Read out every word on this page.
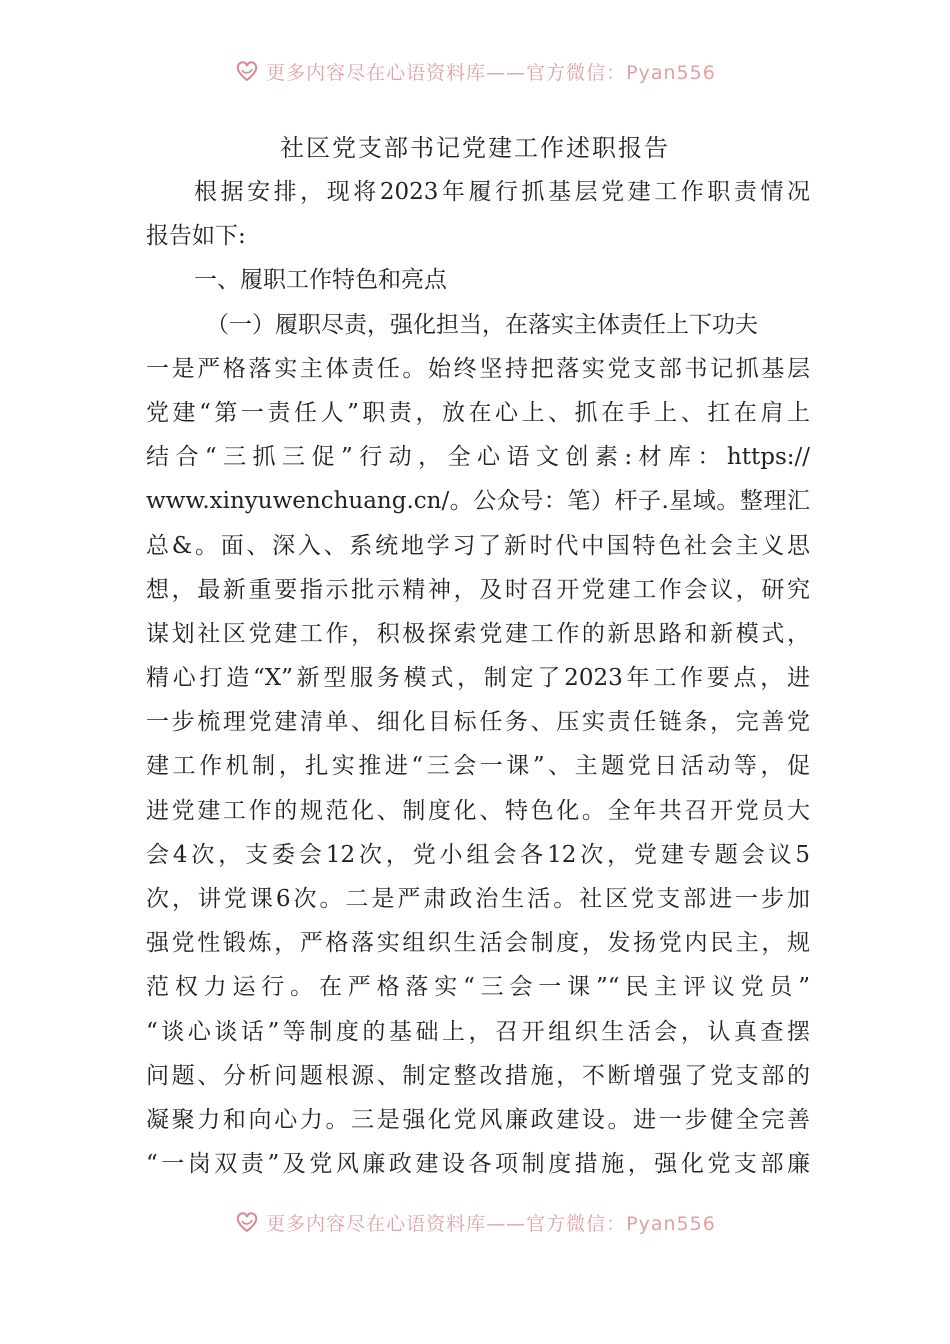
更多内容尽在心语资料库——官方微信：Pyan556
社区党支部书记党建工作述职报告
根据安排，现将2023年履行抓基层党建工作职责情况
报告如下:
一、履职工作特色和亮点
（一）履职尽责，强化担当，在落实主体责任上下功夫
一是严格落实主体责任。始终坚持把落实党支部书记抓基层
党建“第一责任人”职责，放在心上、抓在手上、扛在肩上
结合“三抓三促”行动，全心语文创素:材库：https://
www.xinyuwenchuang.cn/。公众号：笔）杆子.星域。整理汇
总&。面、深入、系统地学习了新时代中国特色社会主义思
想，最新重要指示批示精神，及时召开党建工作会议，研究
谋划社区党建工作，积极探索党建工作的新思路和新模式，
精心打造“X”新型服务模式，制定了2023年工作要点，进
一步梳理党建清单、细化目标任务、压实责任链条，完善党
建工作机制，扎实推进“三会一课”、主题党日活动等，促
进党建工作的规范化、制度化、特色化。全年共召开党员大
会4次，支委会12次，党小组会各12次，党建专题会议5
次，讲党课6次。二是严肃政治生活。社区党支部进一步加
强党性锻炼，严格落实组织生活会制度，发扬党内民主，规
范权力运行。在严格落实“三会一课”“民主评议党员”
“谈心谈话”等制度的基础上，召开组织生活会，认真查摆
问题、分析问题根源、制定整改措施，不断增强了党支部的
凝聚力和向心力。三是强化党风廉政建设。进一步健全完善
“一岗双责”及党风廉政建设各项制度措施，强化党支部廉
更多内容尽在心语资料库——官方微信：Pyan556
